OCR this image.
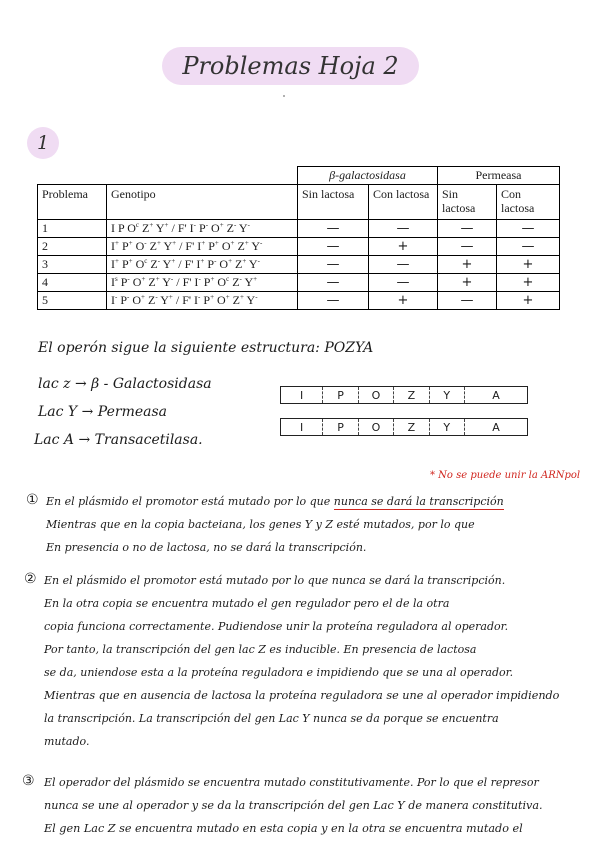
Problemas Hoja 2
1
		β-galactosidasa		Permeasa	
Problema	Genotipo	Sin lactosa	Con lactosa	Sin lactosa	Con lactosa
1	I P $O^c$ Z+ Y+ / F' I- P- O+ Z- Y-	—	—	—	—
2	I+ P+ O- Z+ Y+ / F' I+ P+ O+ Z+ Y-	—	+	—	—
3	I+ P+ $O^c$ Z- Y+ / F' I+ P- O+ Z+ Y-	—	—	+	+
4	$I^s$ P- O+ Z+ Y- / F' I- P+ $O^c$ Z- Y+	—	—	+	+
5	I- P- O+ Z- Y+ / F' I- P+ O+ Z+ Y-	—	+	—	+
El operón sigue la siguiente estructura: POZYA
lac z → β - Galactosidasa
Lac Y → Permeasa
Lac A → Transacetilasa.
I	P	O	Z	Y	A
I	P	O	Z	Y	A
* No se puede unir la ARNpol
① En el plásmido el promotor está mutado por lo que nunca se dará la transcripción
Mientras que en la copia bacteiana, los genes Y y Z esté mutados, por lo que
En presencia o no de lactosa, no se dará la transcripción.
② En el plásmido el promotor está mutado por lo que nunca se dará la transcripción.
En la otra copia se encuentra mutado el gen regulador pero el de la otra
copia funciona correctamente. Pudiendose unir la proteína reguladora al operador.
Por tanto, la transcripción del gen lac Z es inducible. En presencia de lactosa
se da, uniendose esta a la proteína reguladora e impidiendo que se una al operador.
Mientras que en ausencia de lactosa la proteína reguladora se une al operador impidiendo
la transcripción. La transcripción del gen Lac Y nunca se da porque se encuentra
mutado.
③ El operador del plásmido se encuentra mutado constitutivamente. Por lo que el represor
nunca se une al operador y se da la transcripción del gen Lac Y de manera constitutiva.
El gen Lac Z se encuentra mutado en esta copia y en la otra se encuentra mutado el
